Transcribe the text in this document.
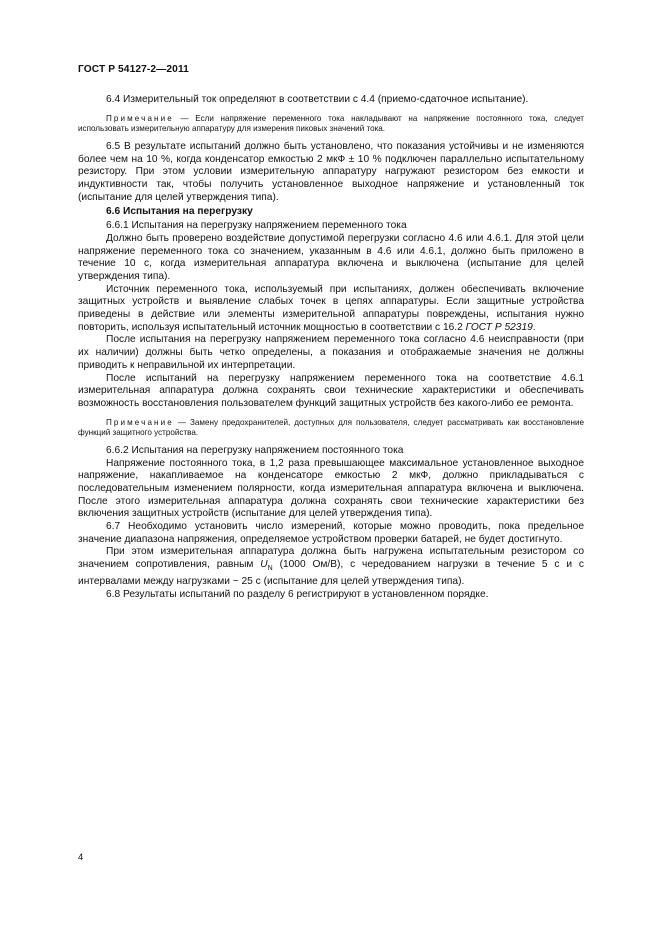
ГОСТ Р 54127-2—2011

6.4 Измерительный ток определяют в соответствии с 4.4 (приемо-сдаточное испытание).

Примечание — Если напряжение переменного тока накладывают на напряжение постоянного тока, следует использовать измерительную аппаратуру для измерения пиковых значений тока.

6.5 В результате испытаний должно быть установлено, что показания устойчивы и не изменяются более чем на 10 %, когда конденсатор емкостью 2 мкФ ± 10 % подключен параллельно испытательному резистору. При этом условии измерительную аппаратуру нагружают резистором без емкости и индуктивности так, чтобы получить установленное выходное напряжение и установленный ток (испытание для целей утверждения типа).

6.6 Испытания на перегрузку

6.6.1 Испытания на перегрузку напряжением переменного тока

Должно быть проверено воздействие допустимой перегрузки согласно 4.6 или 4.6.1. Для этой цели напряжение переменного тока со значением, указанным в 4.6 или 4.6.1, должно быть приложено в течение 10 с, когда измерительная аппаратура включена и выключена (испытание для целей утверждения типа).

Источник переменного тока, используемый при испытаниях, должен обеспечивать включение защитных устройств и выявление слабых точек в цепях аппаратуры. Если защитные устройства приведены в действие или элементы измерительной аппаратуры повреждены, испытания нужно повторить, используя испытательный источник мощностью в соответствии с 16.2 ГОСТ Р 52319.

После испытания на перегрузку напряжением переменного тока согласно 4.6 неисправности (при их наличии) должны быть четко определены, а показания и отображаемые значения не должны приводить к неправильной их интерпретации.

После испытаний на перегрузку напряжением переменного тока на соответствие 4.6.1 измерительная аппаратура должна сохранять свои технические характеристики и обеспечивать возможность восстановления пользователем функций защитных устройств без какого-либо ее ремонта.

Примечание — Замену предохранителей, доступных для пользователя, следует рассматривать как восстановление функций защитного устройства.

6.6.2 Испытания на перегрузку напряжением постоянного тока

Напряжение постоянного тока, в 1,2 раза превышающее максимальное установленное выходное напряжение, накапливаемое на конденсаторе емкостью 2 мкФ, должно прикладываться с последовательным изменением полярности, когда измерительная аппаратура включена и выключена. После этого измерительная аппаратура должна сохранять свои технические характеристики без включения защитных устройств (испытание для целей утверждения типа).

6.7 Необходимо установить число измерений, которые можно проводить, пока предельное значение диапазона напряжения, определяемое устройством проверки батарей, не будет достигнуто.

При этом измерительная аппаратура должна быть нагружена испытательным резистором со значением сопротивления, равным $U_N$ (1000 Ом/В), с чередованием нагрузки в течение 5 с и с интервалами между нагрузками ~ 25 с (испытание для целей утверждения типа).

6.8 Результаты испытаний по разделу 6 регистрируют в установленном порядке.

4
